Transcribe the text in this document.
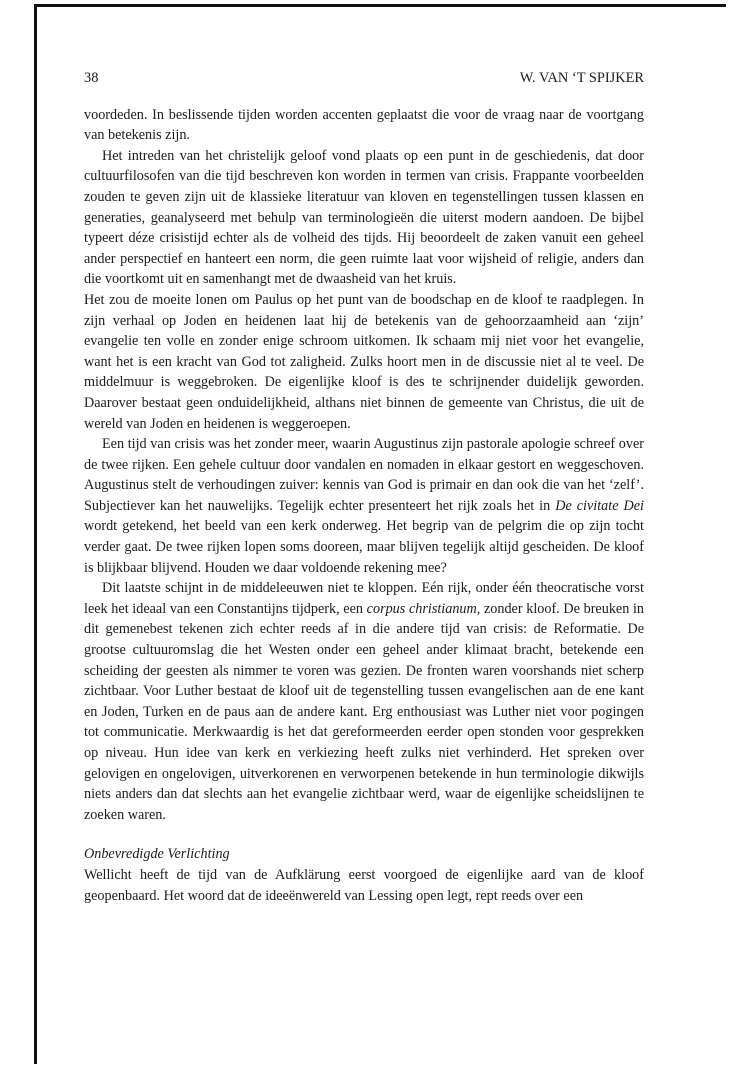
38	W. VAN ‘T SPIJKER

voordeden. In beslissende tijden worden accenten geplaatst die voor de vraag naar de voortgang van betekenis zijn.

Het intreden van het christelijk geloof vond plaats op een punt in de geschiedenis, dat door cultuurfilosofen van die tijd beschreven kon worden in termen van crisis. Frappante voorbeelden zouden te geven zijn uit de klassieke literatuur van kloven en tegenstellingen tussen klassen en generaties, geanalyseerd met behulp van terminologieën die uiterst modern aandoen. De bijbel typeert déze crisistijd echter als de volheid des tijds. Hij beoordeelt de zaken vanuit een geheel ander perspectief en hanteert een norm, die geen ruimte laat voor wijsheid of religie, anders dan die voortkomt uit en samenhangt met de dwaasheid van het kruis.

Het zou de moeite lonen om Paulus op het punt van de boodschap en de kloof te raadplegen. In zijn verhaal op Joden en heidenen laat hij de betekenis van de gehoorzaamheid aan ‘zijn’ evangelie ten volle en zonder enige schroom uitkomen. Ik schaam mij niet voor het evangelie, want het is een kracht van God tot zaligheid. Zulks hoort men in de discussie niet al te veel. De middelmuur is weggebroken. De eigenlijke kloof is des te schrijnender duidelijk geworden. Daarover bestaat geen onduidelijkheid, althans niet binnen de gemeente van Christus, die uit de wereld van Joden en heidenen is weggeroepen.

Een tijd van crisis was het zonder meer, waarin Augustinus zijn pastorale apologie schreef over de twee rijken. Een gehele cultuur door vandalen en nomaden in elkaar gestort en weggeschoven. Augustinus stelt de verhoudingen zuiver: kennis van God is primair en dan ook die van het ‘zelf’. Subjectiever kan het nauwelijks. Tegelijk echter presenteert het rijk zoals het in De civitate Dei wordt getekend, het beeld van een kerk onderweg. Het begrip van de pelgrim die op zijn tocht verder gaat. De twee rijken lopen soms dooreen, maar blijven tegelijk altijd gescheiden. De kloof is blijkbaar blijvend. Houden we daar voldoende rekening mee?

Dit laatste schijnt in de middeleeuwen niet te kloppen. Eén rijk, onder één theocratische vorst leek het ideaal van een Constantijns tijdperk, een corpus christianum, zonder kloof. De breuken in dit gemenebest tekenen zich echter reeds af in die andere tijd van crisis: de Reformatie. De grootse cultuuromslag die het Westen onder een geheel ander klimaat bracht, betekende een scheiding der geesten als nimmer te voren was gezien. De fronten waren voorshands niet scherp zichtbaar. Voor Luther bestaat de kloof uit de tegenstelling tussen evangelischen aan de ene kant en Joden, Turken en de paus aan de andere kant. Erg enthousiast was Luther niet voor pogingen tot communicatie. Merkwaardig is het dat gereformeerden eerder open stonden voor gesprekken op niveau. Hun idee van kerk en verkiezing heeft zulks niet verhinderd. Het spreken over gelovigen en ongelovigen, uitverkorenen en verworpenen betekende in hun terminologie dikwijls niets anders dan dat slechts aan het evangelie zichtbaar werd, waar de eigenlijke scheidslijnen te zoeken waren.

Onbevredigde Verlichting

Wellicht heeft de tijd van de Aufklärung eerst voorgoed de eigenlijke aard van de kloof geopenbaard. Het woord dat de ideeënwereld van Lessing open legt, rept reeds over een
